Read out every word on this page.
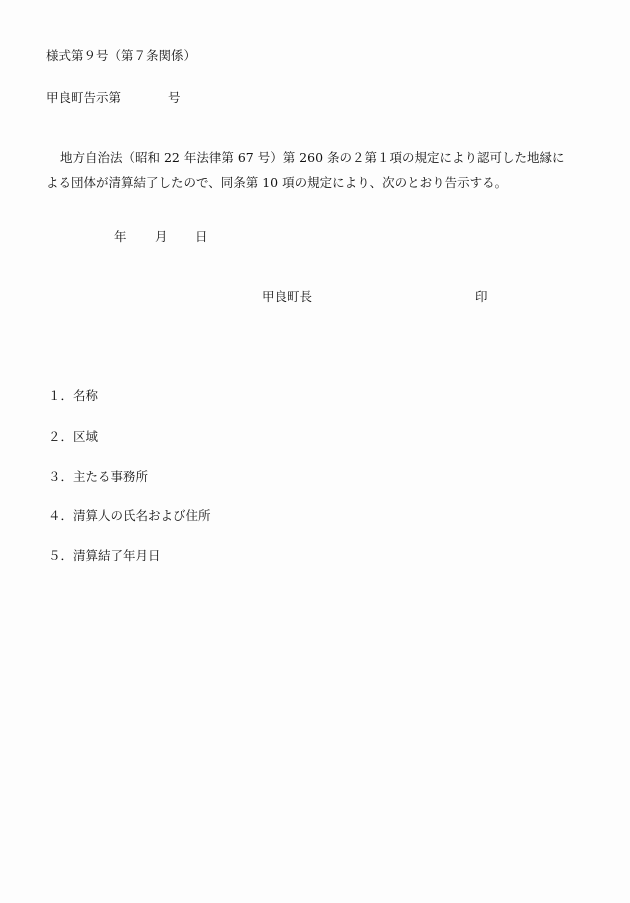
様式第９号（第７条関係）
甲良町告示第	号
地方自治法（昭和 22 年法律第 67 号）第 260 条の２第１項の規定により認可した地縁に
よる団体が清算結了したので、同条第 10 項の規定により、次のとおり告示する。
年 月 日
甲良町長	印
１．名称
２．区域
３．主たる事務所
４．清算人の氏名および住所
５．清算結了年月日
